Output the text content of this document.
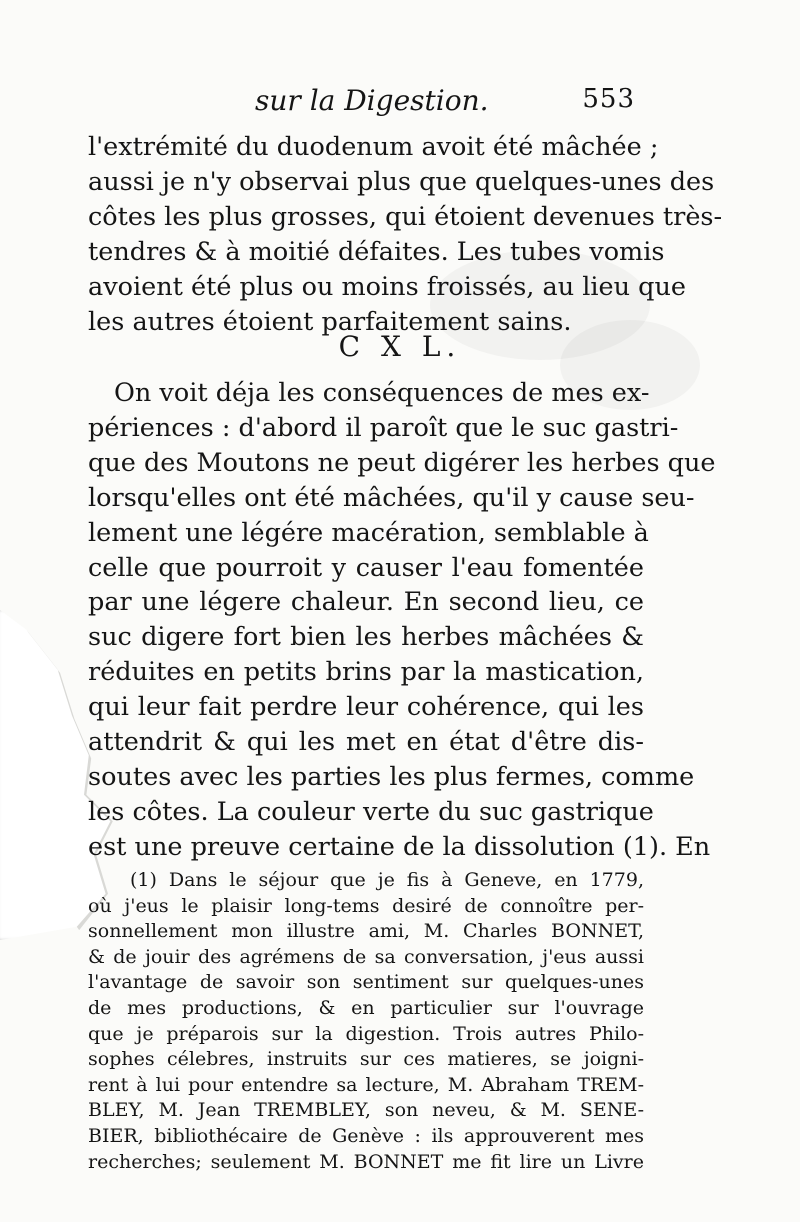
sur la Digestion.	553
l'extrémité du duodenum avoit été mâchée ;
aussi je n'y observai plus que quelques-unes des
côtes les plus grosses, qui étoient devenues très-
tendres & à moitié défaites. Les tubes vomis
avoient été plus ou moins froissés, au lieu que
les autres étoient parfaitement sains.
C X L.
On voit déja les conséquences de mes ex-
périences : d'abord il paroît que le suc gastri-
que des Moutons ne peut digérer les herbes que
lorsqu'elles ont été mâchées, qu'il y cause seu-
lement une légére macération, semblable à
celle que pourroit y causer l'eau fomentée
par une légere chaleur. En second lieu, ce
suc digere fort bien les herbes mâchées &
réduites en petits brins par la mastication,
qui leur fait perdre leur cohérence, qui les
attendrit & qui les met en état d'être dis-
soutes avec les parties les plus fermes, comme
les côtes. La couleur verte du suc gastrique
est une preuve certaine de la dissolution (1). En
(1) Dans le séjour que je fis à Geneve, en 1779,
où j'eus le plaisir long-tems desiré de connoître per-
sonnellement mon illustre ami, M. Charles BONNET,
& de jouir des agrémens de sa conversation, j'eus aussi
l'avantage de savoir son sentiment sur quelques-unes
de mes productions, & en particulier sur l'ouvrage
que je préparois sur la digestion. Trois autres Philo-
sophes célebres, instruits sur ces matieres, se joigni-
rent à lui pour entendre sa lecture, M. Abraham TREM-
BLEY, M. Jean TREMBLEY, son neveu, & M. SENE-
BIER, bibliothécaire de Genève : ils approuverent mes
recherches; seulement M. BONNET me fit lire un Livre
